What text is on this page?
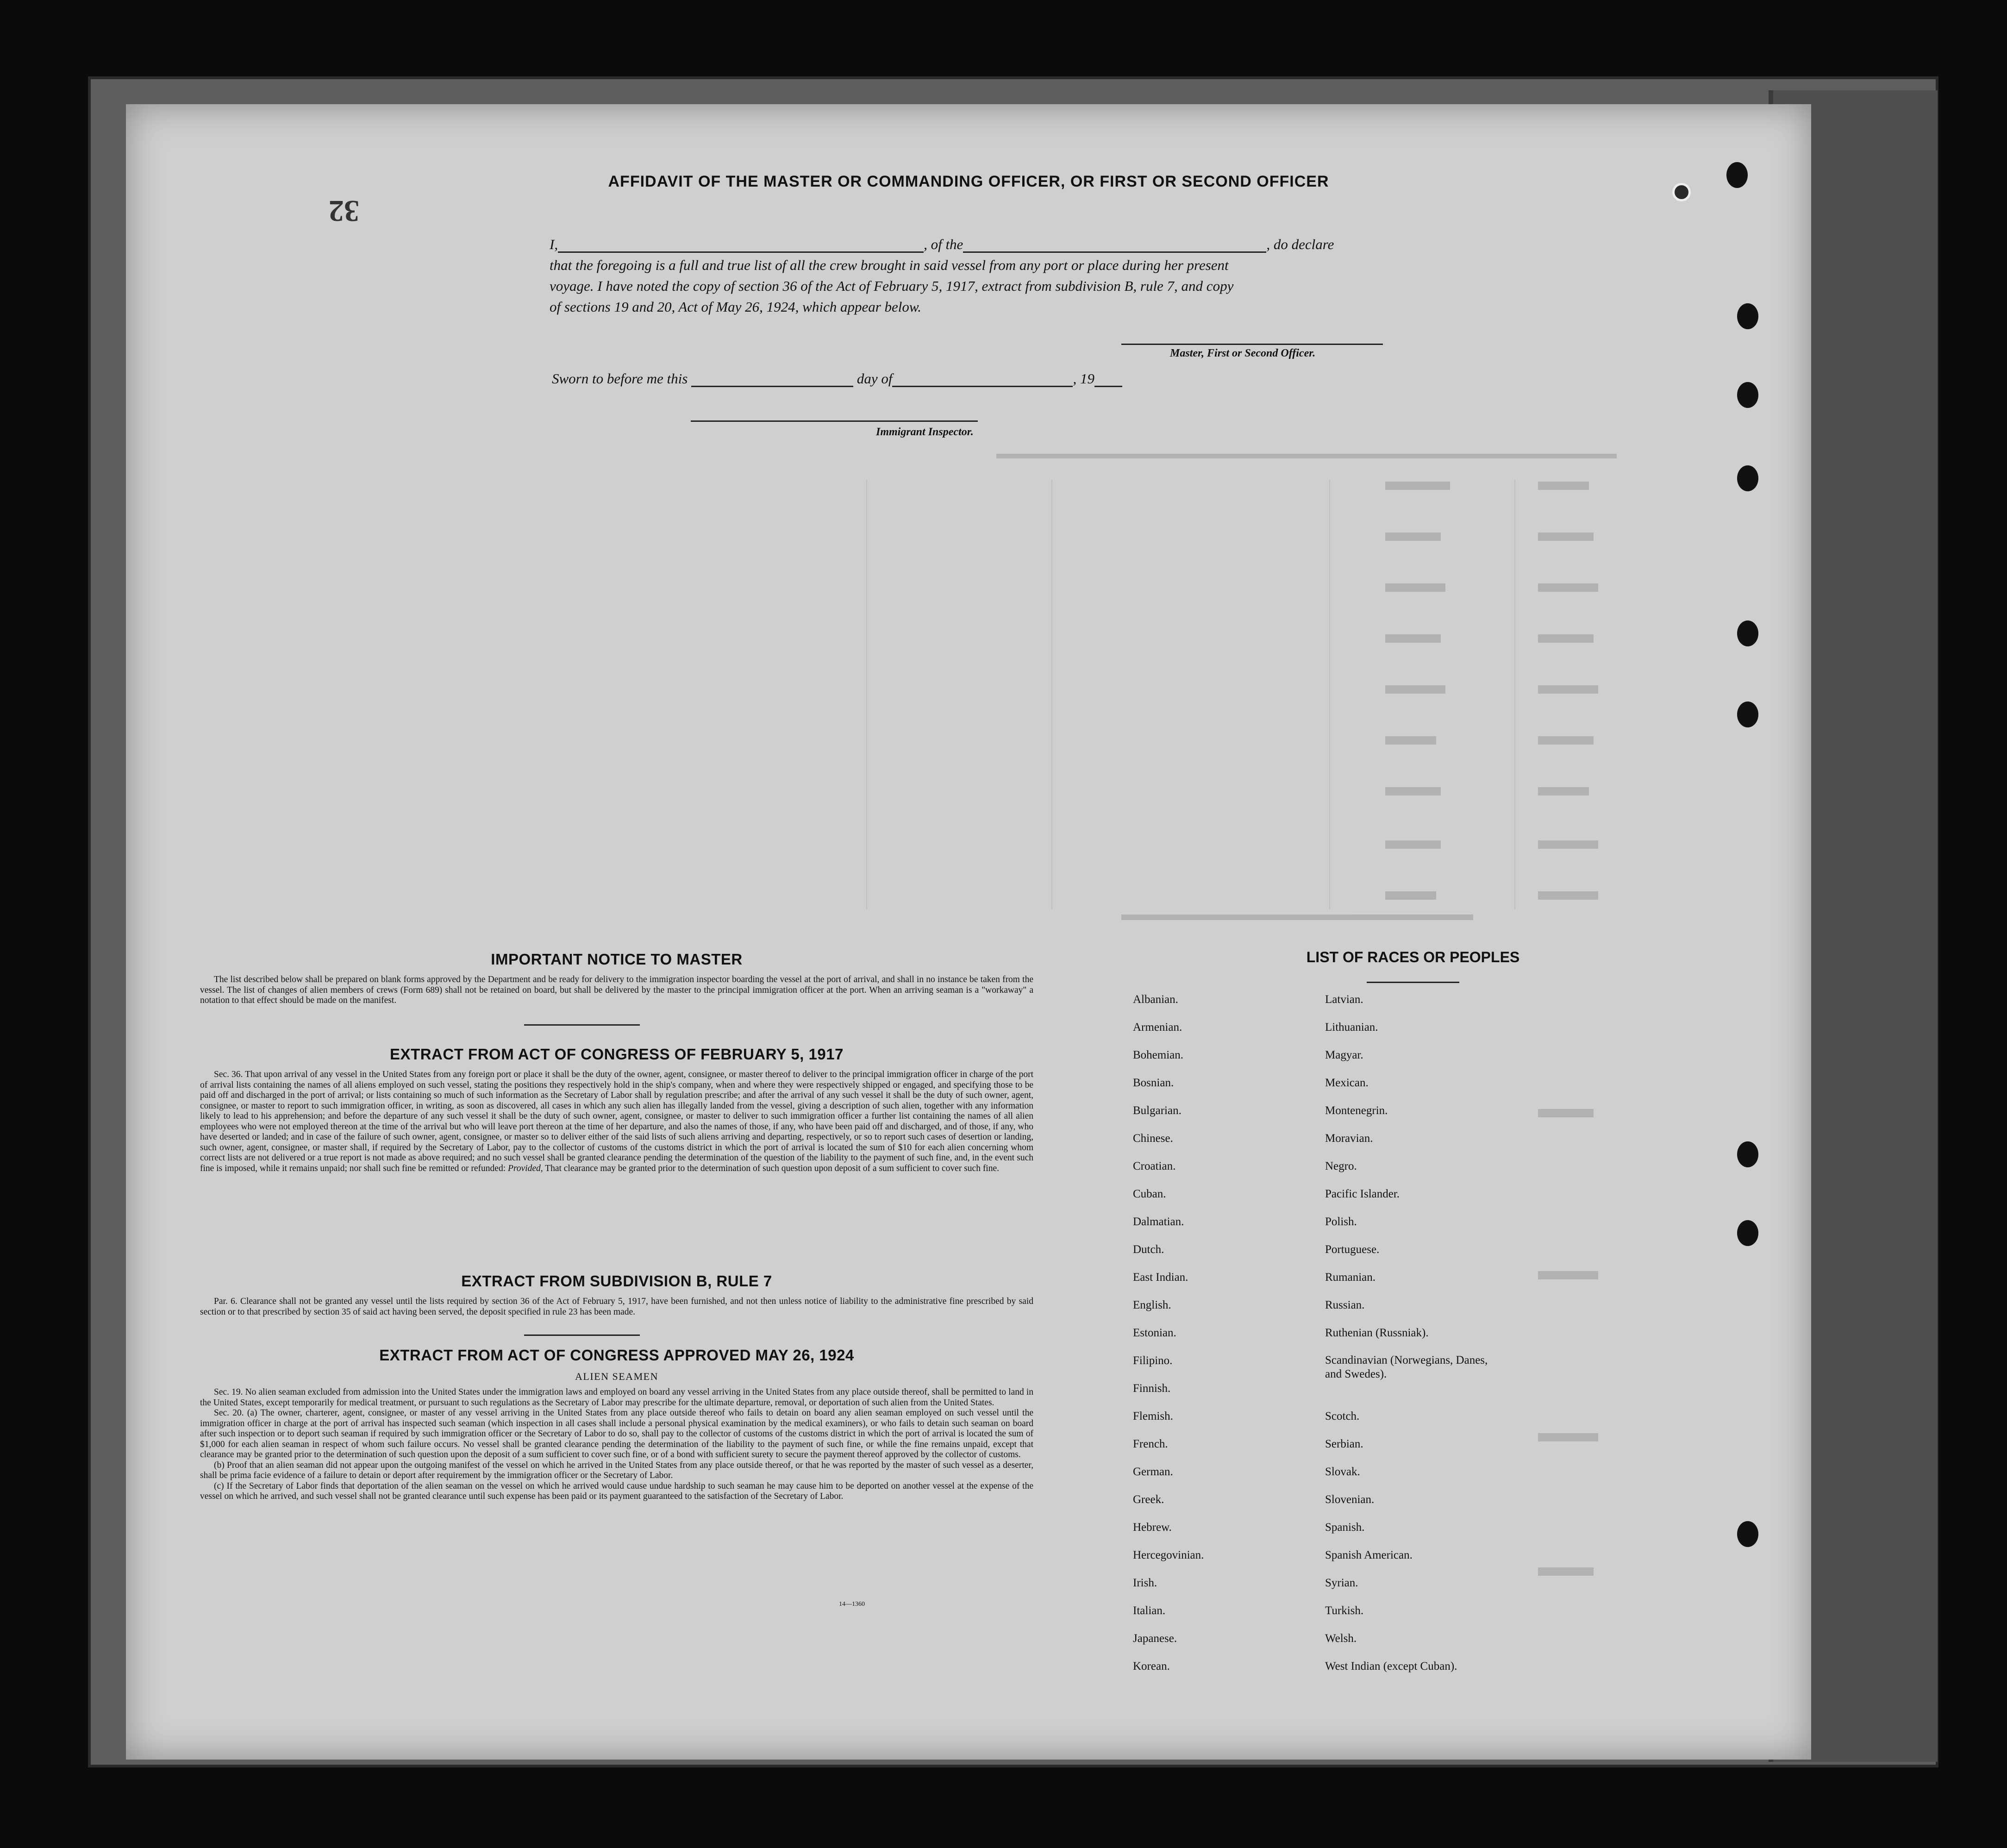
32
AFFIDAVIT OF THE MASTER OR COMMANDING OFFICER, OR FIRST OR SECOND OFFICER
I,	, of the	, do declare
that the foregoing is a full and true list of all the crew brought in said vessel from any port or place during her present
voyage. I have noted the copy of section 36 of the Act of February 5, 1917, extract from subdivision B, rule 7, and copy
of sections 19 and 20, Act of May 26, 1924, which appear below.
Master, First or Second Officer.
Sworn to before me this	day of	, 19
Immigrant Inspector.
IMPORTANT NOTICE TO MASTER

The list described below shall be prepared on blank forms approved by the Department and be ready for delivery to the immigration inspector boarding the vessel at the port of arrival, and shall in no instance be taken from the vessel. The list of changes of alien members of crews (Form 689) shall not be retained on board, but shall be delivered by the master to the principal immigration officer at the port. When an arriving seaman is a "workaway" a notation to that effect should be made on the manifest.

EXTRACT FROM ACT OF CONGRESS OF FEBRUARY 5, 1917

Sec. 36. That upon arrival of any vessel in the United States from any foreign port or place it shall be the duty of the owner, agent, consignee, or master thereof to deliver to the principal immigration officer in charge of the port of arrival lists containing the names of all aliens employed on such vessel, stating the positions they respectively hold in the ship's company, when and where they were respectively shipped or engaged, and specifying those to be paid off and discharged in the port of arrival; or lists containing so much of such information as the Secretary of Labor shall by regulation prescribe; and after the arrival of any such vessel it shall be the duty of such owner, agent, consignee, or master to report to such immigration officer, in writing, as soon as discovered, all cases in which any such alien has illegally landed from the vessel, giving a description of such alien, together with any information likely to lead to his apprehension; and before the departure of any such vessel it shall be the duty of such owner, agent, consignee, or master to deliver to such immigration officer a further list containing the names of all alien employees who were not employed thereon at the time of the arrival but who will leave port thereon at the time of her departure, and also the names of those, if any, who have been paid off and discharged, and of those, if any, who have deserted or landed; and in case of the failure of such owner, agent, consignee, or master so to deliver either of the said lists of such aliens arriving and departing, respectively, or so to report such cases of desertion or landing, such owner, agent, consignee, or master shall, if required by the Secretary of Labor, pay to the collector of customs of the customs district in which the port of arrival is located the sum of $10 for each alien concerning whom correct lists are not delivered or a true report is not made as above required; and no such vessel shall be granted clearance pending the determination of the question of the liability to the payment of such fine, and, in the event such fine is imposed, while it remains unpaid; nor shall such fine be remitted or refunded: Provided, That clearance may be granted prior to the determination of such question upon deposit of a sum sufficient to cover such fine.

EXTRACT FROM SUBDIVISION B, RULE 7

Par. 6. Clearance shall not be granted any vessel until the lists required by section 36 of the Act of February 5, 1917, have been furnished, and not then unless notice of liability to the administrative fine prescribed by said section or to that prescribed by section 35 of said act having been served, the deposit specified in rule 23 has been made.

EXTRACT FROM ACT OF CONGRESS APPROVED MAY 26, 1924
ALIEN SEAMEN

Sec. 19. No alien seaman excluded from admission into the United States under the immigration laws and employed on board any vessel arriving in the United States from any place outside thereof, shall be permitted to land in the United States, except temporarily for medical treatment, or pursuant to such regulations as the Secretary of Labor may prescribe for the ultimate departure, removal, or deportation of such alien from the United States.

Sec. 20. (a) The owner, charterer, agent, consignee, or master of any vessel arriving in the United States from any place outside thereof who fails to detain on board any alien seaman employed on such vessel until the immigration officer in charge at the port of arrival has inspected such seaman (which inspection in all cases shall include a personal physical examination by the medical examiners), or who fails to detain such seaman on board after such inspection or to deport such seaman if required by such immigration officer or the Secretary of Labor to do so, shall pay to the collector of customs of the customs district in which the port of arrival is located the sum of $1,000 for each alien seaman in respect of whom such failure occurs. No vessel shall be granted clearance pending the determination of the liability to the payment of such fine, or while the fine remains unpaid, except that clearance may be granted prior to the determination of such question upon the deposit of a sum sufficient to cover such fine, or of a bond with sufficient surety to secure the payment thereof approved by the collector of customs.

(b) Proof that an alien seaman did not appear upon the outgoing manifest of the vessel on which he arrived in the United States from any place outside thereof, or that he was reported by the master of such vessel as a deserter, shall be prima facie evidence of a failure to detain or deport after requirement by the immigration officer or the Secretary of Labor.

(c) If the Secretary of Labor finds that deportation of the alien seaman on the vessel on which he arrived would cause undue hardship to such seaman he may cause him to be deported on another vessel at the expense of the vessel on which he arrived, and such vessel shall not be granted clearance until such expense has been paid or its payment guaranteed to the satisfaction of the Secretary of Labor.

14—1360
LIST OF RACES OR PEOPLES
Albanian.
Armenian.
Bohemian.
Bosnian.
Bulgarian.
Chinese.
Croatian.
Cuban.
Dalmatian.
Dutch.
East Indian.
English.
Estonian.
Filipino.
Finnish.
Flemish.
French.
German.
Greek.
Hebrew.
Hercegovinian.
Irish.
Italian.
Japanese.
Korean.
Latvian.
Lithuanian.
Magyar.
Mexican.
Montenegrin.
Moravian.
Negro.
Pacific Islander.
Polish.
Portuguese.
Rumanian.
Russian.
Ruthenian (Russniak).
Scandinavian (Norwegians, Danes, and Swedes).
Scotch.
Serbian.
Slovak.
Slovenian.
Spanish.
Spanish American.
Syrian.
Turkish.
Welsh.
West Indian (except Cuban).
